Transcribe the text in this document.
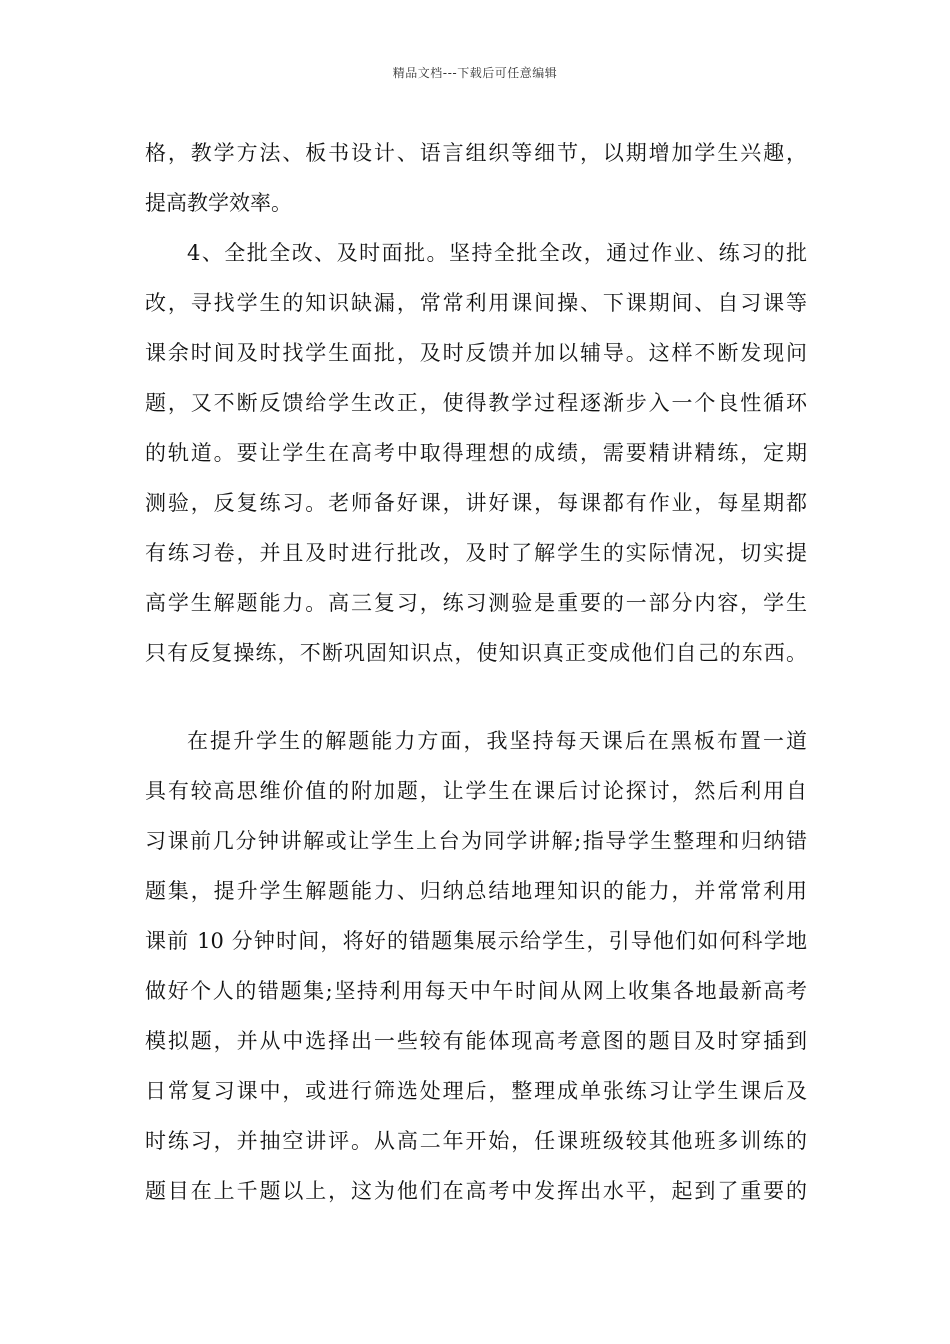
精品文档---下载后可任意编辑
格，教学方法、板书设计、语言组织等细节，以期增加学生兴趣，
提高教学效率。
4、全批全改、及时面批。坚持全批全改，通过作业、练习的批
改，寻找学生的知识缺漏，常常利用课间操、下课期间、自习课等
课余时间及时找学生面批，及时反馈并加以辅导。这样不断发现问
题，又不断反馈给学生改正，使得教学过程逐渐步入一个良性循环
的轨道。要让学生在高考中取得理想的成绩，需要精讲精练，定期
测验，反复练习。老师备好课，讲好课，每课都有作业，每星期都
有练习卷，并且及时进行批改，及时了解学生的实际情况，切实提
高学生解题能力。高三复习，练习测验是重要的一部分内容，学生
只有反复操练，不断巩固知识点，使知识真正变成他们自己的东西。
在提升学生的解题能力方面，我坚持每天课后在黑板布置一道
具有较高思维价值的附加题，让学生在课后讨论探讨，然后利用自
习课前几分钟讲解或让学生上台为同学讲解;指导学生整理和归纳错
题集，提升学生解题能力、归纳总结地理知识的能力，并常常利用
课前 10 分钟时间，将好的错题集展示给学生，引导他们如何科学地
做好个人的错题集;坚持利用每天中午时间从网上收集各地最新高考
模拟题，并从中选择出一些较有能体现高考意图的题目及时穿插到
日常复习课中，或进行筛选处理后，整理成单张练习让学生课后及
时练习，并抽空讲评。从高二年开始，任课班级较其他班多训练的
题目在上千题以上，这为他们在高考中发挥出水平，起到了重要的
